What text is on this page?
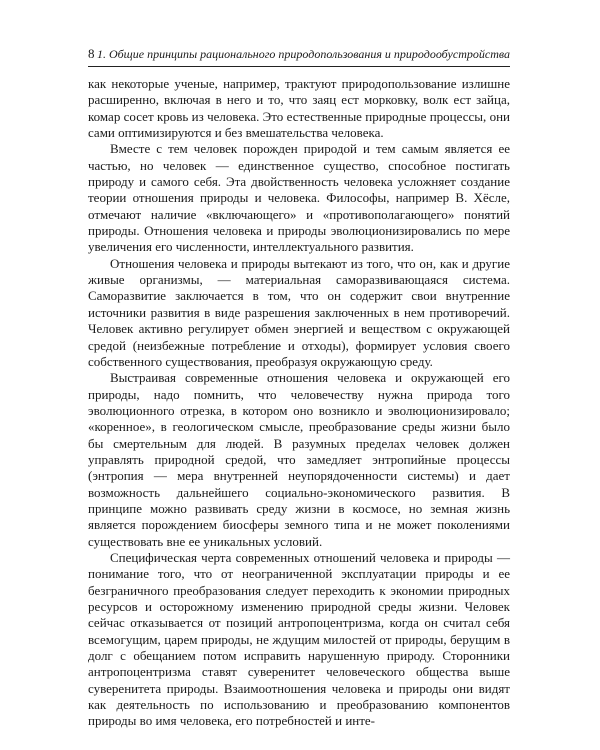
8 1. Общие принципы рационального природопользования и природообустройства

как некоторые ученые, например, трактуют природопользование излишне расширенно, включая в него и то, что заяц ест морковку, волк ест зайца, комар сосет кровь из человека. Это естественные природные процессы, они сами оптимизируются и без вмешательства человека.

Вместе с тем человек порожден природой и тем самым является ее частью, но человек — единственное существо, способное постигать природу и самого себя. Эта двойственность человека усложняет создание теории отношения природы и человека. Философы, например В. Хёсле, отмечают наличие «включающего» и «противополагающего» понятий природы. Отношения человека и природы эволюционизировались по мере увеличения его численности, интеллектуального развития.

Отношения человека и природы вытекают из того, что он, как и другие живые организмы, — материальная саморазвивающаяся система. Саморазвитие заключается в том, что он содержит свои внутренние источники развития в виде разрешения заключенных в нем противоречий. Человек активно регулирует обмен энергией и веществом с окружающей средой (неизбежные потребление и отходы), формирует условия своего собственного существования, преобразуя окружающую среду.

Выстраивая современные отношения человека и окружающей его природы, надо помнить, что человечеству нужна природа того эволюционного отрезка, в котором оно возникло и эволюционизировало; «коренное», в геологическом смысле, преобразование среды жизни было бы смертельным для людей. В разумных пределах человек должен управлять природной средой, что замедляет энтропийные процессы (энтропия — мера внутренней неупорядоченности системы) и дает возможность дальнейшего социально-экономического развития. В принципе можно развивать среду жизни в космосе, но земная жизнь является порождением биосферы земного типа и не может поколениями существовать вне ее уникальных условий.

Специфическая черта современных отношений человека и природы — понимание того, что от неограниченной эксплуатации природы и ее безграничного преобразования следует переходить к экономии природных ресурсов и осторожному изменению природной среды жизни. Человек сейчас отказывается от позиций антропоцентризма, когда он считал себя всемогущим, царем природы, не ждущим милостей от природы, берущим в долг с обещанием потом исправить нарушенную природу. Сторонники антропоцентризма ставят суверенитет человеческого общества выше суверенитета природы. Взаимоотношения человека и природы они видят как деятельность по использованию и преобразованию компонентов природы во имя человека, его потребностей и инте-
